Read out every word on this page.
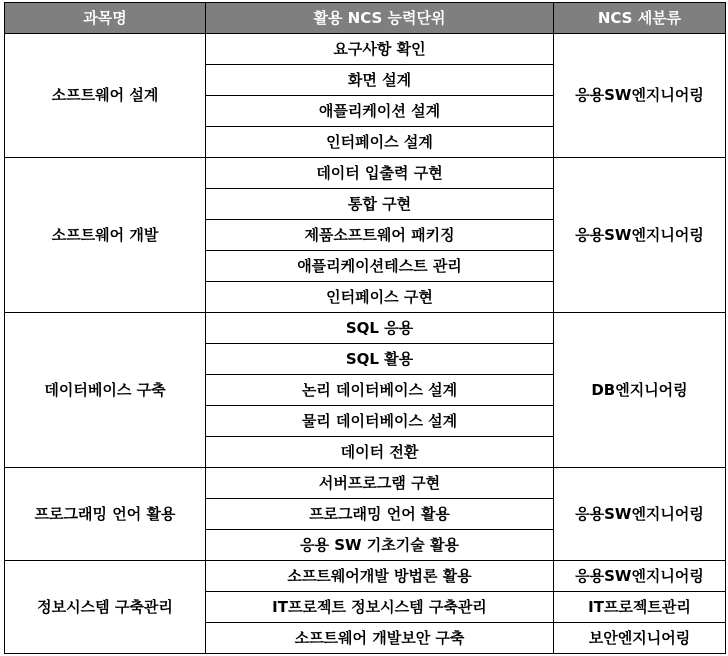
과목명	활용 NCS 능력단위	NCS 세분류
소프트웨어 설계	요구사항 확인	응용SW엔지니어링
	화면 설계	
	애플리케이션 설계	
	인터페이스 설계	
소프트웨어 개발	데이터 입출력 구현	응용SW엔지니어링
	통합 구현	
	제품소프트웨어 패키징	
	애플리케이션테스트 관리	
	인터페이스 구현	
데이터베이스 구축	SQL 응용	DB엔지니어링
	SQL 활용	
	논리 데이터베이스 설계	
	물리 데이터베이스 설계	
	데이터 전환	
프로그래밍 언어 활용	서버프로그램 구현	응용SW엔지니어링
	프로그래밍 언어 활용	
	응용 SW 기초기술 활용	
정보시스템 구축관리	소프트웨어개발 방법론 활용	응용SW엔지니어링
	IT프로젝트 정보시스템 구축관리	IT프로젝트관리
	소프트웨어 개발보안 구축	보안엔지니어링
